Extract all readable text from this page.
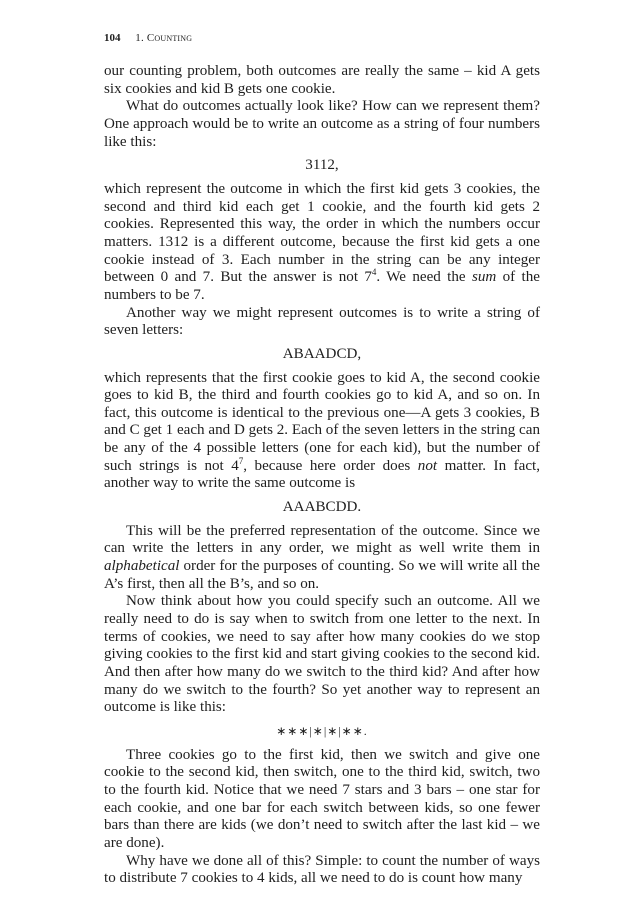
104 1. Counting

our counting problem, both outcomes are really the same – kid A gets six cookies and kid B gets one cookie.

What do outcomes actually look like? How can we represent them? One approach would be to write an outcome as a string of four numbers like this:

3112,

which represent the outcome in which the first kid gets 3 cookies, the second and third kid each get 1 cookie, and the fourth kid gets 2 cookies. Represented this way, the order in which the numbers occur matters. 1312 is a different outcome, because the first kid gets a one cookie instead of 3. Each number in the string can be any integer between 0 and 7. But the answer is not $7^4$. We need the sum of the numbers to be 7.

Another way we might represent outcomes is to write a string of seven letters:

ABAADCD,

which represents that the first cookie goes to kid A, the second cookie goes to kid B, the third and fourth cookies go to kid A, and so on. In fact, this outcome is identical to the previous one—A gets 3 cookies, B and C get 1 each and D gets 2. Each of the seven letters in the string can be any of the 4 possible letters (one for each kid), but the number of such strings is not $4^7$, because here order does not matter. In fact, another way to write the same outcome is

AAABCDD.

This will be the preferred representation of the outcome. Since we can write the letters in any order, we might as well write them in alphabetical order for the purposes of counting. So we will write all the A’s first, then all the B’s, and so on.

Now think about how you could specify such an outcome. All we really need to do is say when to switch from one letter to the next. In terms of cookies, we need to say after how many cookies do we stop giving cookies to the first kid and start giving cookies to the second kid. And then after how many do we switch to the third kid? And after how many do we switch to the fourth? So yet another way to represent an outcome is like this:

∗∗∗|∗|∗|∗∗.

Three cookies go to the first kid, then we switch and give one cookie to the second kid, then switch, one to the third kid, switch, two to the fourth kid. Notice that we need 7 stars and 3 bars – one star for each cookie, and one bar for each switch between kids, so one fewer bars than there are kids (we don’t need to switch after the last kid – we are done).

Why have we done all of this? Simple: to count the number of ways to distribute 7 cookies to 4 kids, all we need to do is count how many
